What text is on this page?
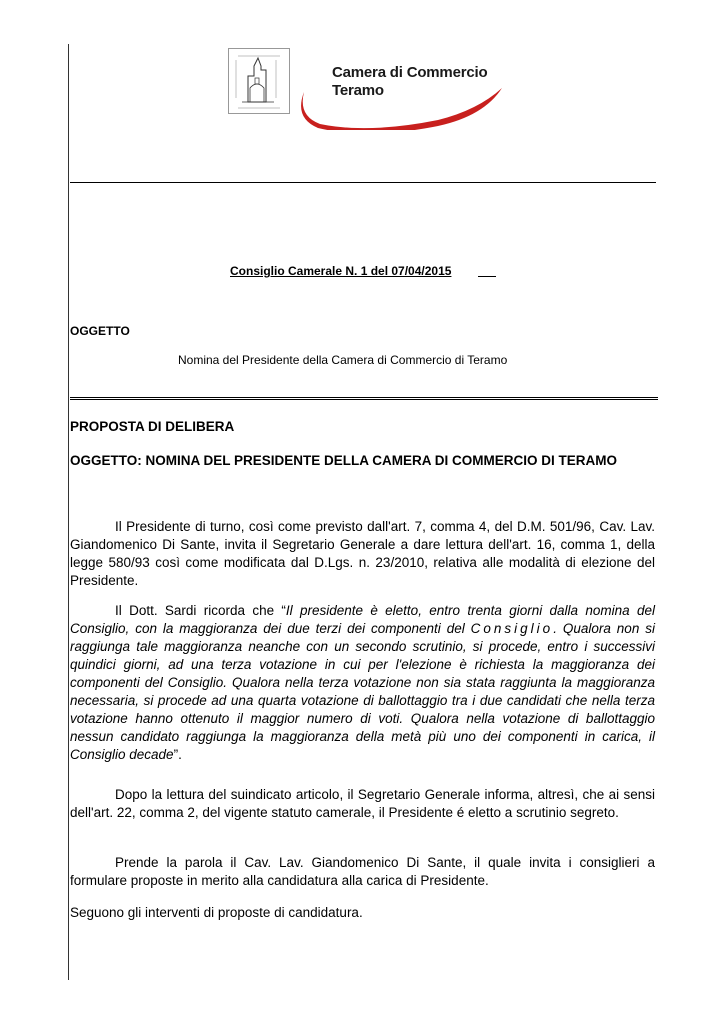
Camera di Commercio
Teramo
Consiglio Camerale N. 1 del 07/04/2015
OGGETTO
Nomina del Presidente della Camera di Commercio di Teramo
PROPOSTA DI DELIBERA

OGGETTO: NOMINA DEL PRESIDENTE DELLA CAMERA DI COMMERCIO DI TERAMO

Il Presidente di turno, così come previsto dall'art. 7, comma 4, del D.M. 501/96, Cav. Lav. Giandomenico Di Sante, invita il Segretario Generale a dare lettura dell'art. 16, comma 1, della legge 580/93 così come modificata dal D.Lgs. n. 23/2010, relativa alle modalità di elezione del Presidente.

Il Dott. Sardi ricorda che “Il presidente è eletto, entro trenta giorni dalla nomina del Consiglio, con la maggioranza dei due terzi dei componenti del Consiglio. Qualora non si raggiunga tale maggioranza neanche con un secondo scrutinio, si procede, entro i successivi quindici giorni, ad una terza votazione in cui per l'elezione è richiesta la maggioranza dei componenti del Consiglio. Qualora nella terza votazione non sia stata raggiunta la maggioranza necessaria, si procede ad una quarta votazione di ballottaggio tra i due candidati che nella terza votazione hanno ottenuto il maggior numero di voti. Qualora nella votazione di ballottaggio nessun candidato raggiunga la maggioranza della metà più uno dei componenti in carica, il Consiglio decade”.

Dopo la lettura del suindicato articolo, il Segretario Generale informa, altresì, che ai sensi dell'art. 22, comma 2, del vigente statuto camerale, il Presidente é eletto a scrutinio segreto.

Prende la parola il Cav. Lav. Giandomenico Di Sante, il quale invita i consiglieri a formulare proposte in merito alla candidatura alla carica di Presidente.

Seguono gli interventi di proposte di candidatura.
